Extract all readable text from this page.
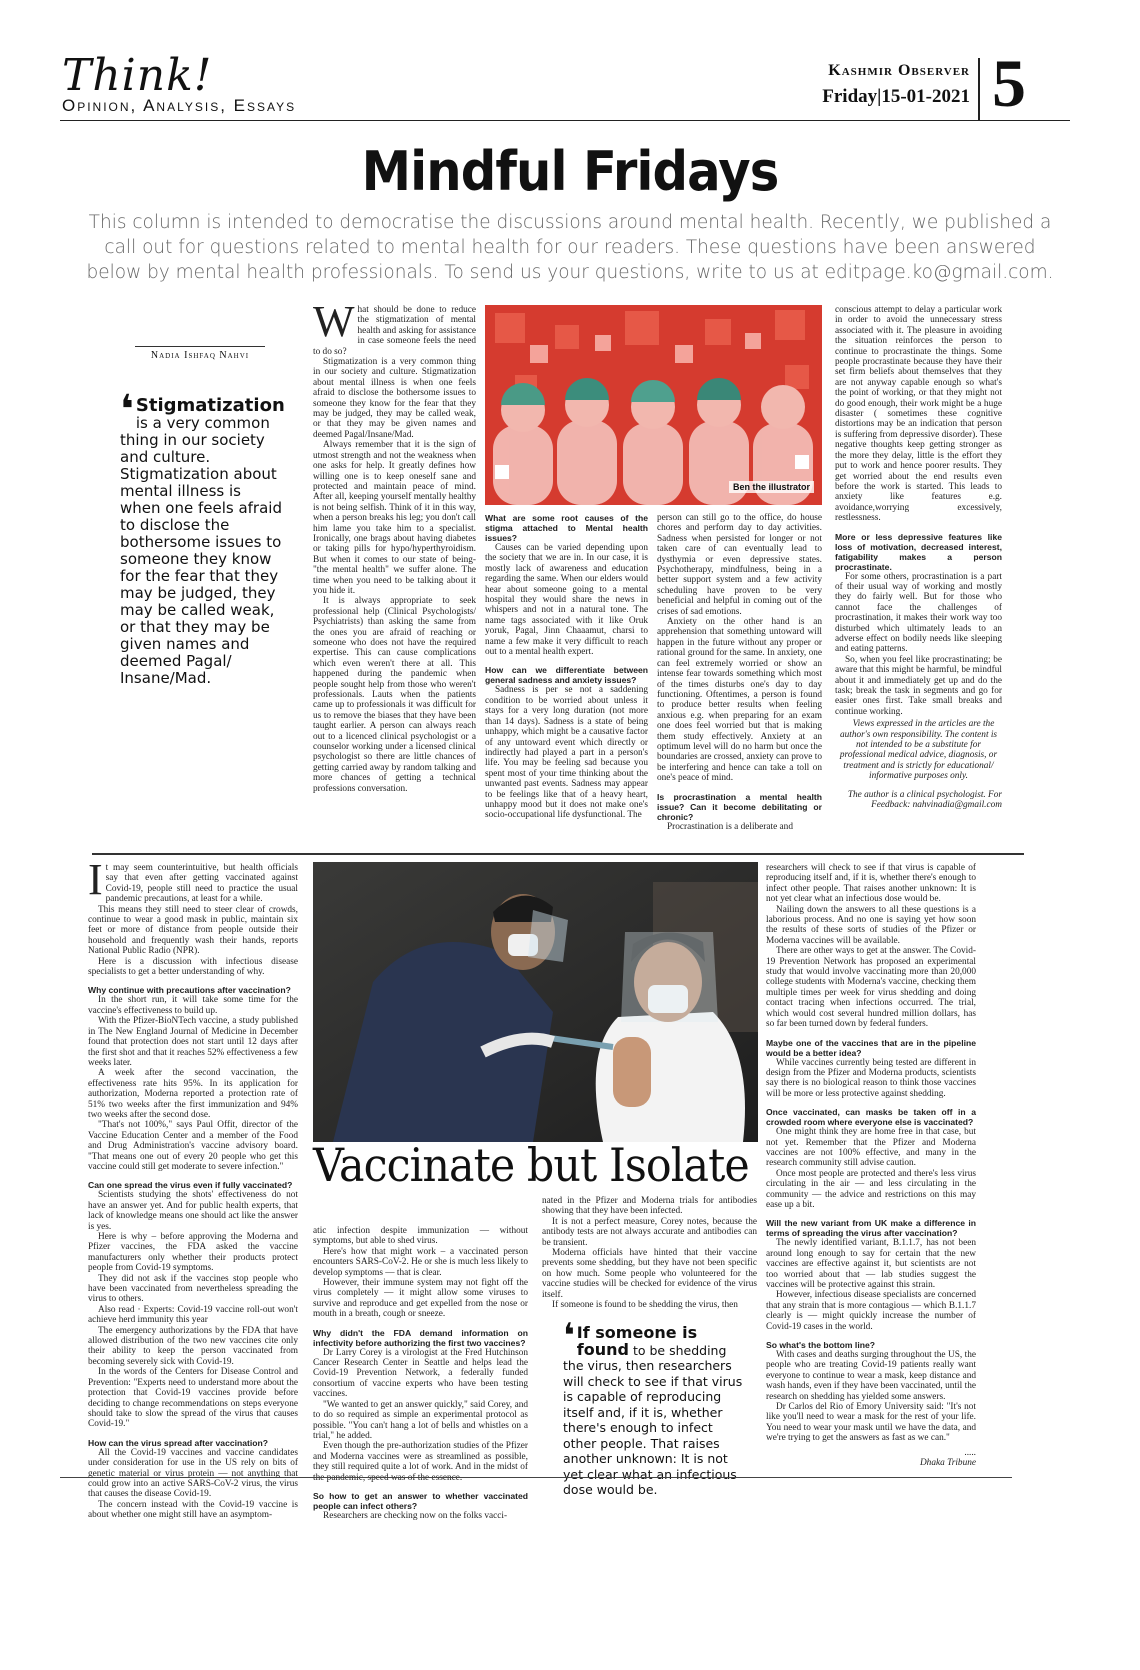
Think!
Opinion, Analysis, Essays
Kashmir Observer
Friday|15-01-2021 5
Mindful Fridays
This column is intended to democratise the discussions around mental health. Recently, we published a call out for questions related to mental health for our readers. These questions have been answered below by mental health professionals. To send us your questions, write to us at editpage.ko@gmail.com.
Nadia Ishfaq Nahvi
❛ Stigmatization is a very common thing in our society and culture. Stigmatization about mental illness is when one feels afraid to disclose the bothersome issues to someone they know for the fear that they may be judged, they may be called weak, or that they may be given names and deemed Pagal/ Insane/Mad.

What should be done to reduce the stigmatization of mental health and asking for assistance in case someone feels the need to do so?

Stigmatization is a very common thing in our society and culture. Stigmatization about mental illness is when one feels afraid to disclose the bothersome issues to someone they know for the fear that they may be judged, they may be called weak, or that they may be given names and deemed Pagal/Insane/Mad.

Always remember that it is the sign of utmost strength and not the weakness when one asks for help. It greatly defines how willing one is to keep oneself sane and protected and maintain peace of mind. After all, keeping yourself mentally healthy is not being selfish. Think of it in this way, when a person breaks his leg; you don't call him lame you take him to a specialist. Ironically, one brags about having diabetes or taking pills for hypo/hyperthyroidism. But when it comes to our state of being- "the mental health" we suffer alone. The time when you need to be talking about it you hide it.

It is always appropriate to seek professional help (Clinical Psychologists/ Psychiatrists) than asking the same from the ones you are afraid of reaching or someone who does not have the required expertise. This can cause complications which even weren't there at all. This happened during the pandemic when people sought help from those who weren't professionals. Lauts when the patients came up to professionals it was difficult for us to remove the biases that they have been taught earlier. A person can always reach out to a licenced clinical psychologist or a counselor working under a licensed clinical psychologist so there are little chances of getting carried away by random talking and more chances of getting a technical professions conversation.

Ben the illustrator
What are some root causes of the stigma attached to Mental health issues?

Causes can be varied depending upon the society that we are in. In our case, it is mostly lack of awareness and education regarding the same. When our elders would hear about someone going to a mental hospital they would share the news in whispers and not in a natural tone. The name tags associated with it like Oruk yoruk, Pagal, Jinn Chaaamut, charsi to name a few make it very difficult to reach out to a mental health expert.

How can we differentiate between general sadness and anxiety issues?

Sadness is per se not a saddening condition to be worried about unless it stays for a very long duration (not more than 14 days). Sadness is a state of being unhappy, which might be a causative factor of any untoward event which directly or indirectly had played a part in a person's life. You may be feeling sad because you spent most of your time thinking about the unwanted past events. Sadness may appear to be feelings like that of a heavy heart, unhappy mood but it does not make one's socio-occupational life dysfunctional. The

person can still go to the office, do house chores and perform day to day activities. Sadness when persisted for longer or not taken care of can eventually lead to dysthymia or even depressive states. Psychotherapy, mindfulness, being in a better support system and a few activity scheduling have proven to be very beneficial and helpful in coming out of the crises of sad emotions.

Anxiety on the other hand is an apprehension that something untoward will happen in the future without any proper or rational ground for the same. In anxiety, one can feel extremely worried or show an intense fear towards something which most of the times disturbs one's day to day functioning. Oftentimes, a person is found to produce better results when feeling anxious e.g. when preparing for an exam one does feel worried but that is making them study effectively. Anxiety at an optimum level will do no harm but once the boundaries are crossed, anxiety can prove to be interfering and hence can take a toll on one's peace of mind.

Is procrastination a mental health issue? Can it become debilitating or chronic?

Procrastination is a deliberate and

conscious attempt to delay a particular work in order to avoid the unnecessary stress associated with it. The pleasure in avoiding the situation reinforces the person to continue to procrastinate the things. Some people procrastinate because they have their set firm beliefs about themselves that they are not anyway capable enough so what's the point of working, or that they might not do good enough, their work might be a huge disaster ( sometimes these cognitive distortions may be an indication that person is suffering from depressive disorder). These negative thoughts keep getting stronger as the more they delay, little is the effort they put to work and hence poorer results. They get worried about the end results even before the work is started. This leads to anxiety like features e.g. avoidance,worrying excessively, restlessness.

More or less depressive features like loss of motivation, decreased interest, fatigability makes a person procrastinate.

For some others, procrastination is a part of their usual way of working and mostly they do fairly well. But for those who cannot face the challenges of procrastination, it makes their work way too disturbed which ultimately leads to an adverse effect on bodily needs like sleeping and eating patterns.

So, when you feel like procrastinating; be aware that this might be harmful, be mindful about it and immediately get up and do the task; break the task in segments and go for easier ones first. Take small breaks and continue working.

Views expressed in the articles are the author's own responsibility. The content is not intended to be a substitute for professional medical advice, diagnosis, or treatment and is strictly for educational/ informative purposes only.

The author is a clinical psychologist. For Feedback: nahvinadia@gmail.com

It may seem counterintuitive, but health officials say that even after getting vaccinated against Covid-19, people still need to practice the usual pandemic precautions, at least for a while.

This means they still need to steer clear of crowds, continue to wear a good mask in public, maintain six feet or more of distance from people outside their household and frequently wash their hands, reports National Public Radio (NPR).

Here is a discussion with infectious disease specialists to get a better understanding of why.

Why continue with precautions after vaccination?

In the short run, it will take some time for the vaccine's effectiveness to build up.

With the Pfizer-BioNTech vaccine, a study published in The New England Journal of Medicine in December found that protection does not start until 12 days after the first shot and that it reaches 52% effectiveness a few weeks later.

A week after the second vaccination, the effectiveness rate hits 95%. In its application for authorization, Moderna reported a protection rate of 51% two weeks after the first immunization and 94% two weeks after the second dose.

"That's not 100%," says Paul Offit, director of the Vaccine Education Center and a member of the Food and Drug Administration's vaccine advisory board. "That means one out of every 20 people who get this vaccine could still get moderate to severe infection."

Can one spread the virus even if fully vaccinated?

Scientists studying the shots' effectiveness do not have an answer yet. And for public health experts, that lack of knowledge means one should act like the answer is yes.

Here is why – before approving the Moderna and Pfizer vaccines, the FDA asked the vaccine manufacturers only whether their products protect people from Covid-19 symptoms.

They did not ask if the vaccines stop people who have been vaccinated from nevertheless spreading the virus to others.

Also read · Experts: Covid-19 vaccine roll-out won't achieve herd immunity this year

The emergency authorizations by the FDA that have allowed distribution of the two new vaccines cite only their ability to keep the person vaccinated from becoming severely sick with Covid-19.

In the words of the Centers for Disease Control and Prevention: "Experts need to understand more about the protection that Covid-19 vaccines provide before deciding to change recommendations on steps everyone should take to slow the spread of the virus that causes Covid-19."

How can the virus spread after vaccination?

All the Covid-19 vaccines and vaccine candidates under consideration for use in the US rely on bits of genetic material or virus protein — not anything that could grow into an active SARS-CoV-2 virus, the virus that causes the disease Covid-19.

The concern instead with the Covid-19 vaccine is about whether one might still have an asymptom-

Vaccinate but Isolate

atic infection despite immunization — without symptoms, but able to shed virus.

Here's how that might work – a vaccinated person encounters SARS-CoV-2. He or she is much less likely to develop symptoms — that is clear.

However, their immune system may not fight off the virus completely — it might allow some viruses to survive and reproduce and get expelled from the nose or mouth in a breath, cough or sneeze.

Why didn't the FDA demand information on infectivity before authorizing the first two vaccines?

Dr Larry Corey is a virologist at the Fred Hutchinson Cancer Research Center in Seattle and helps lead the Covid-19 Prevention Network, a federally funded consortium of vaccine experts who have been testing vaccines.

"We wanted to get an answer quickly," said Corey, and to do so required as simple an experimental protocol as possible. "You can't hang a lot of bells and whistles on a trial," he added.

Even though the pre-authorization studies of the Pfizer and Moderna vaccines were as streamlined as possible, they still required quite a lot of work. And in the midst of the pandemic, speed was of the essence.

So how to get an answer to whether vaccinated people can infect others?

Researchers are checking now on the folks vacci-

nated in the Pfizer and Moderna trials for antibodies showing that they have been infected.

It is not a perfect measure, Corey notes, because the antibody tests are not always accurate and antibodies can be transient.

Moderna officials have hinted that their vaccine prevents some shedding, but they have not been specific on how much. Some people who volunteered for the vaccine studies will be checked for evidence of the virus itself.

If someone is found to be shedding the virus, then

❛ If someone is found to be shedding the virus, then researchers will check to see if that virus is capable of reproducing itself and, if it is, whether there's enough to infect other people. That raises another unknown: It is not yet clear what an infectious dose would be.

researchers will check to see if that virus is capable of reproducing itself and, if it is, whether there's enough to infect other people. That raises another unknown: It is not yet clear what an infectious dose would be.

Nailing down the answers to all these questions is a laborious process. And no one is saying yet how soon the results of these sorts of studies of the Pfizer or Moderna vaccines will be available.

There are other ways to get at the answer. The Covid-19 Prevention Network has proposed an experimental study that would involve vaccinating more than 20,000 college students with Moderna's vaccine, checking them multiple times per week for virus shedding and doing contact tracing when infections occurred. The trial, which would cost several hundred million dollars, has so far been turned down by federal funders.

Maybe one of the vaccines that are in the pipeline would be a better idea?

While vaccines currently being tested are different in design from the Pfizer and Moderna products, scientists say there is no biological reason to think those vaccines will be more or less protective against shedding.

Once vaccinated, can masks be taken off in a crowded room where everyone else is vaccinated?

One might think they are home free in that case, but not yet. Remember that the Pfizer and Moderna vaccines are not 100% effective, and many in the research community still advise caution.

Once most people are protected and there's less virus circulating in the air — and less circulating in the community — the advice and restrictions on this may ease up a bit.

Will the new variant from UK make a difference in terms of spreading the virus after vaccination?

The newly identified variant, B.1.1.7, has not been around long enough to say for certain that the new vaccines are effective against it, but scientists are not too worried about that — lab studies suggest the vaccines will be protective against this strain.

However, infectious disease specialists are concerned that any strain that is more contagious — which B.1.1.7 clearly is — might quickly increase the number of Covid-19 cases in the world.

So what's the bottom line?

With cases and deaths surging throughout the US, the people who are treating Covid-19 patients really want everyone to continue to wear a mask, keep distance and wash hands, even if they have been vaccinated, until the research on shedding has yielded some answers.

Dr Carlos del Rio of Emory University said: "It's not like you'll need to wear a mask for the rest of your life. You need to wear your mask until we have the data, and we're trying to get the answers as fast as we can."

.....

Dhaka Tribune
